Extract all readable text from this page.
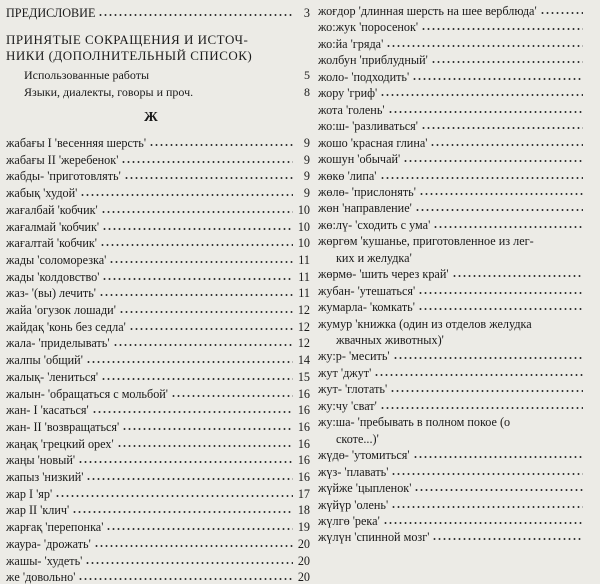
ПРЕДИСЛОВИЕ	3
ПРИНЯТЫЕ СОКРАЩЕНИЯ И ИСТОЧ-
НИКИ (ДОПОЛНИТЕЛЬНЫЙ СПИСОК)
Использованные работы	5
Языки, диалекты, говоры и проч.	8
Ж
жабағы I 'весенняя шерсть'	9
жабағы II 'жеребенок'	9
жабды- 'приготовлять'	9
жабық 'худой'	9
жағалбай 'кобчик'	10
жағалмай 'кобчик'	10
жағалтай 'кобчик'	10
жады 'соломорезка'	11
жады 'колдовство'	11
жаз- '(вы) лечить'	11
жайа 'огузок лошади'	12
жайдақ 'конь без седла'	12
жала- 'приделывать'	12
жалпы 'общий'	14
жалық- 'лениться'	15
жалын- 'обращаться с мольбой'	16
жан- I 'касаться'	16
жан- II 'возвращаться'	16
жаңақ 'грецкий орех'	16
жаңы 'новый'	16
жапыз 'низкий'	16
жар I 'яр'	17
жар II 'клич'	18
жарғақ 'перепонка'	19
жаура- 'дрожать'	20
жашы- 'худеть'	20
жe 'довольно'	20
жоғдор 'длинная шерсть на шее верблюда'
жо:жук 'поросенок'
жо:йа 'гряда'
жолбун 'приблудный'
жоло- 'подходить'
жору 'гриф'
жота 'голень'
жо:ш- 'разливаться'
жошо 'красная глина'
жошун 'обычай'
жөкө 'липа'
жөлө- 'прислонять'
жөн 'направление'
жө:лү- 'сходить с ума'
жөргөм 'кушанье, приготовленное из лег-
ких и желудка'
жөрмө- 'шить через край'
жубан- 'утешаться'
жумарла- 'комкать'
жумур 'книжка (один из отделов желудка
жвачных животных)'
жу:р- 'месить'
жут 'джут'
жут- 'глотать'
жу:чу 'сват'
жу:ша- 'пребывать в полном покое (о
скоте...)'
жүдө- 'утомиться'
жүз- 'плавать'
жүйже 'цыпленок'
жүйүр 'олень'
жүлгө 'река'
жүлүн 'спинной мозг'
